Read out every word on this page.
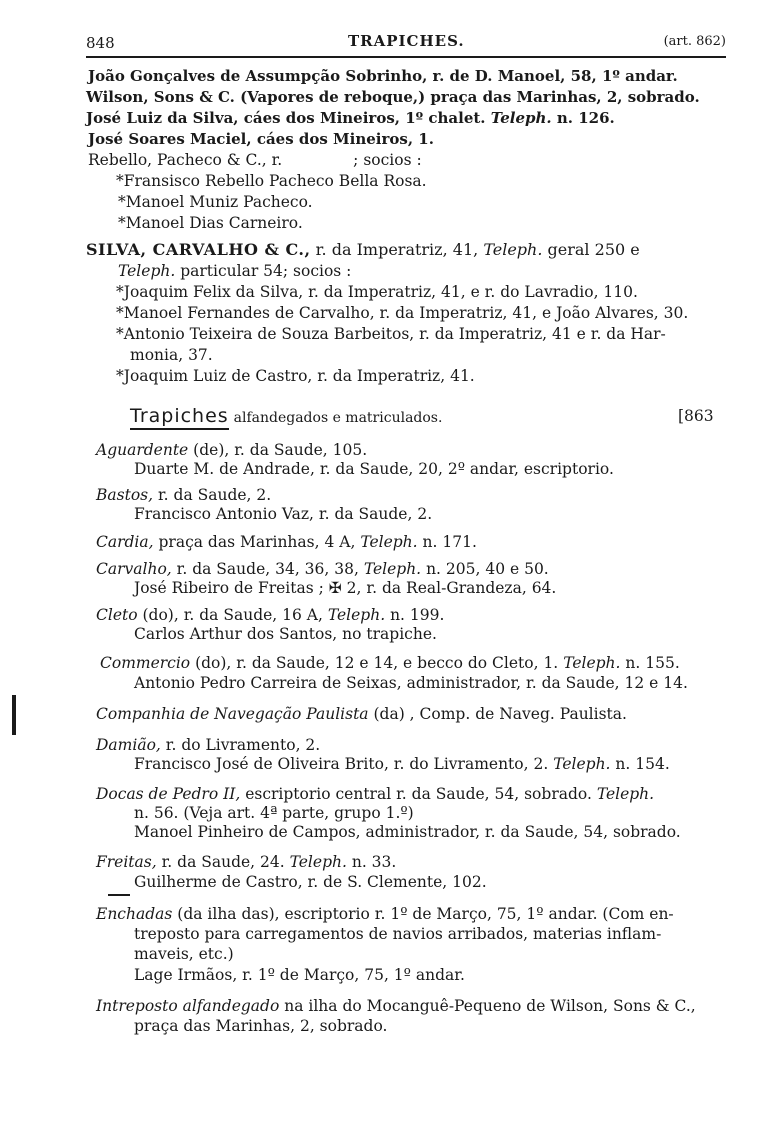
848	TRAPICHES.	(art. 862)
João Gonçalves de Assumpção Sobrinho, r. de D. Manoel, 58, 1º andar.
Wilson, Sons & C. (Vapores de reboque,) praça das Marinhas, 2, sobrado.
José Luiz da Silva, cáes dos Mineiros, 1º chalet. Teleph. n. 126.
José Soares Maciel, cáes dos Mineiros, 1.
Rebello, Pacheco & C., r.	; socios :
*Fransisco Rebello Pacheco Bella Rosa.
*Manoel Muniz Pacheco.
*Manoel Dias Carneiro.
SILVA, CARVALHO & C., r. da Imperatriz, 41, Teleph. geral 250 e
Teleph. particular 54; socios :
*Joaquim Felix da Silva, r. da Imperatriz, 41, e r. do Lavradio, 110.
*Manoel Fernandes de Carvalho, r. da Imperatriz, 41, e João Alvares, 30.
*Antonio Teixeira de Souza Barbeitos, r. da Imperatriz, 41 e r. da Har-
monia, 37.
*Joaquim Luiz de Castro, r. da Imperatriz, 41.
Trapiches alfandegados e matriculados.	[863
Aguardente (de), r. da Saude, 105.
Duarte M. de Andrade, r. da Saude, 20, 2º andar, escriptorio.
Bastos, r. da Saude, 2.
Francisco Antonio Vaz, r. da Saude, 2.
Cardia, praça das Marinhas, 4 A, Teleph. n. 171.
Carvalho, r. da Saude, 34, 36, 38, Teleph. n. 205, 40 e 50.
José Ribeiro de Freitas ; ✠ 2, r. da Real-Grandeza, 64.
Cleto (do), r. da Saude, 16 A, Teleph. n. 199.
Carlos Arthur dos Santos, no trapiche.
Commercio (do), r. da Saude, 12 e 14, e becco do Cleto, 1. Teleph. n. 155.
Antonio Pedro Carreira de Seixas, administrador, r. da Saude, 12 e 14.
Companhia de Navegação Paulista (da) , Comp. de Naveg. Paulista.
Damião, r. do Livramento, 2.
Francisco José de Oliveira Brito, r. do Livramento, 2. Teleph. n. 154.
Docas de Pedro II, escriptorio central r. da Saude, 54, sobrado. Teleph.
n. 56. (Veja art. 4ª parte, grupo 1.º)
Manoel Pinheiro de Campos, administrador, r. da Saude, 54, sobrado.
Freitas, r. da Saude, 24. Teleph. n. 33.
Guilherme de Castro, r. de S. Clemente, 102.
Enchadas (da ilha das), escriptorio r. 1º de Março, 75, 1º andar. (Com en-
treposto para carregamentos de navios arribados, materias inflam-
maveis, etc.)
Lage Irmãos, r. 1º de Março, 75, 1º andar.
Intreposto alfandegado na ilha do Mocanguê-Pequeno de Wilson, Sons & C.,
praça das Marinhas, 2, sobrado.
